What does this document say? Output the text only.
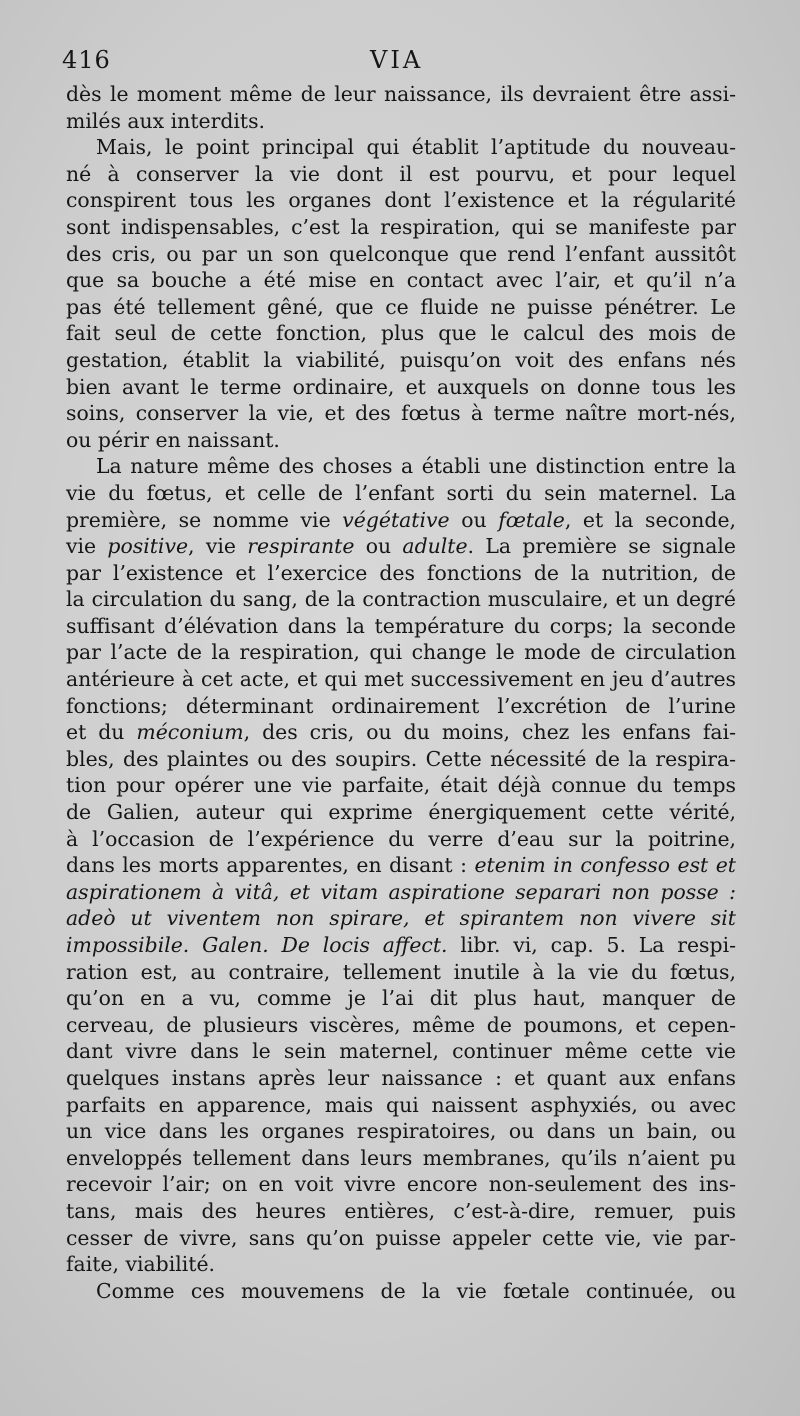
416	VIA
dès le moment même de leur naissance, ils devraient être assi-
milés aux interdits.
Mais, le point principal qui établit l’aptitude du nouveau-
né à conserver la vie dont il est pourvu, et pour lequel
conspirent tous les organes dont l’existence et la régularité
sont indispensables, c’est la respiration, qui se manifeste par
des cris, ou par un son quelconque que rend l’enfant aussitôt
que sa bouche a été mise en contact avec l’air, et qu’il n’a
pas été tellement gêné, que ce fluide ne puisse pénétrer. Le
fait seul de cette fonction, plus que le calcul des mois de
gestation, établit la viabilité, puisqu’on voit des enfans nés
bien avant le terme ordinaire, et auxquels on donne tous les
soins, conserver la vie, et des fœtus à terme naître mort-nés,
ou périr en naissant.
La nature même des choses a établi une distinction entre la
vie du fœtus, et celle de l’enfant sorti du sein maternel. La
première, se nomme vie végétative ou fœtale, et la seconde,
vie positive, vie respirante ou adulte. La première se signale
par l’existence et l’exercice des fonctions de la nutrition, de
la circulation du sang, de la contraction musculaire, et un degré
suffisant d’élévation dans la température du corps; la seconde
par l’acte de la respiration, qui change le mode de circulation
antérieure à cet acte, et qui met successivement en jeu d’autres
fonctions; déterminant ordinairement l’excrétion de l’urine
et du méconium, des cris, ou du moins, chez les enfans fai-
bles, des plaintes ou des soupirs. Cette nécessité de la respira-
tion pour opérer une vie parfaite, était déjà connue du temps
de Galien, auteur qui exprime énergiquement cette vérité,
à l’occasion de l’expérience du verre d’eau sur la poitrine,
dans les morts apparentes, en disant : etenim in confesso est et
aspirationem à vitâ, et vitam aspiratione separari non posse :
adeò ut viventem non spirare, et spirantem non vivere sit
impossibile. Galen. De locis affect. libr. vi, cap. 5. La respi-
ration est, au contraire, tellement inutile à la vie du fœtus,
qu’on en a vu, comme je l’ai dit plus haut, manquer de
cerveau, de plusieurs viscères, même de poumons, et cepen-
dant vivre dans le sein maternel, continuer même cette vie
quelques instans après leur naissance : et quant aux enfans
parfaits en apparence, mais qui naissent asphyxiés, ou avec
un vice dans les organes respiratoires, ou dans un bain, ou
enveloppés tellement dans leurs membranes, qu’ils n’aient pu
recevoir l’air; on en voit vivre encore non-seulement des ins-
tans, mais des heures entières, c’est-à-dire, remuer, puis
cesser de vivre, sans qu’on puisse appeler cette vie, vie par-
faite, viabilité.
Comme ces mouvemens de la vie fœtale continuée, ou
